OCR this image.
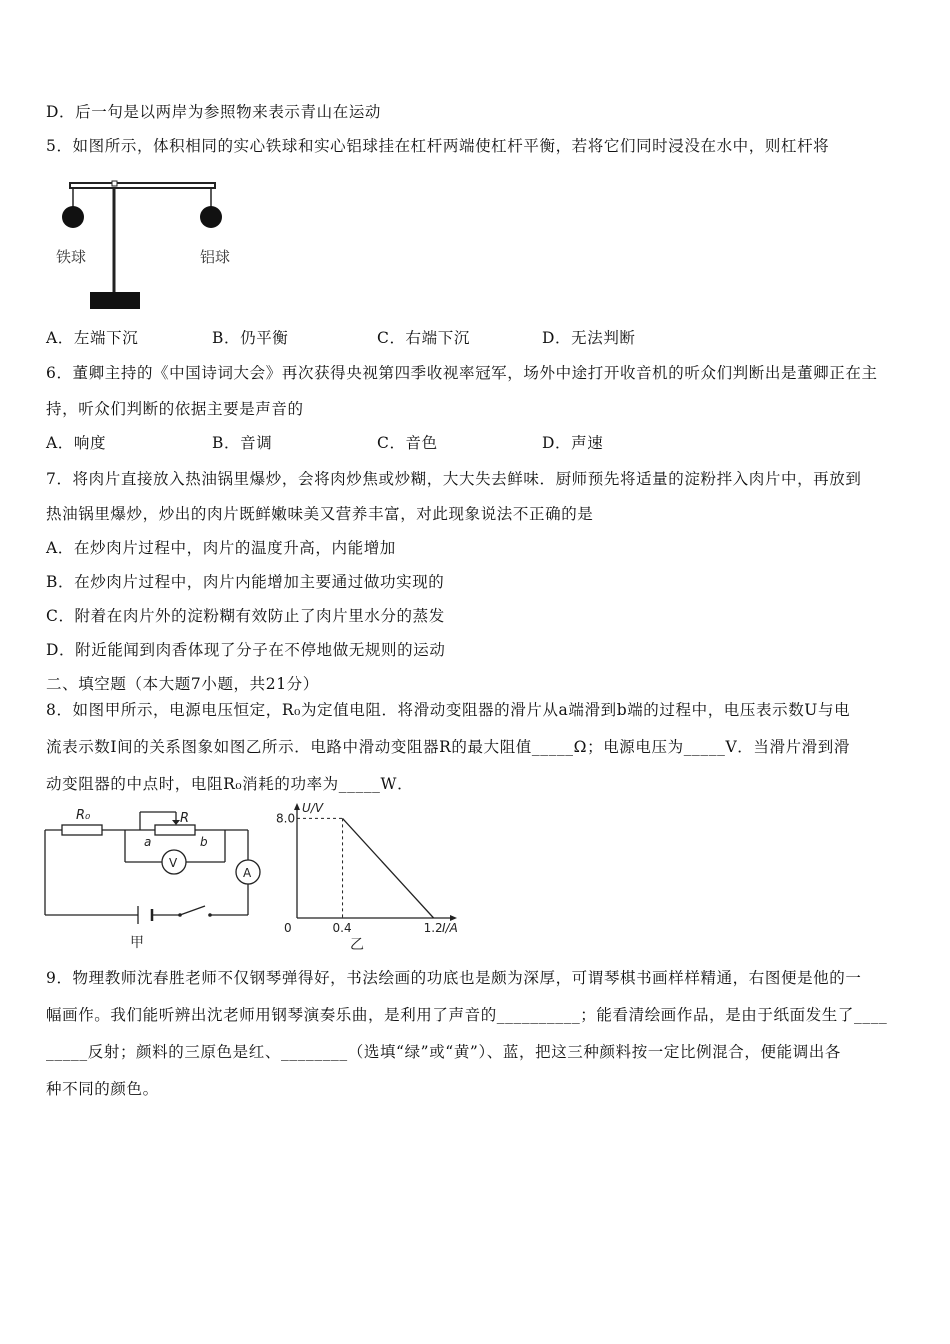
D．后一句是以两岸为参照物来表示青山在运动
5．如图所示，体积相同的实心铁球和实心铝球挂在杠杆两端使杠杆平衡，若将它们同时浸没在水中，则杠杆将
铁球	铝球
A．左端下沉	B．仍平衡	C．右端下沉	D．无法判断
6．董卿主持的《中国诗词大会》再次获得央视第四季收视率冠军，场外中途打开收音机的听众们判断出是董卿正在主
持，听众们判断的依据主要是声音的
A．响度	B．音调	C．音色	D．声速
7．将肉片直接放入热油锅里爆炒，会将肉炒焦或炒糊，大大失去鲜味．厨师预先将适量的淀粉拌入肉片中，再放到
热油锅里爆炒，炒出的肉片既鲜嫩味美又营养丰富，对此现象说法不正确的是
A．在炒肉片过程中，肉片的温度升高，内能增加
B．在炒肉片过程中，肉片内能增加主要通过做功实现的
C．附着在肉片外的淀粉糊有效防止了肉片里水分的蒸发
D．附近能闻到肉香体现了分子在不停地做无规则的运动
二、填空题（本大题7小题，共21分）
8．如图甲所示，电源电压恒定，R₀为定值电阻．将滑动变阻器的滑片从a端滑到b端的过程中，电压表示数U与电
流表示数I间的关系图象如图乙所示．电路中滑动变阻器R的最大阻值_____Ω；电源电压为_____V．当滑片滑到滑
动变阻器的中点时，电阻R₀消耗的功率为_____W．
R₀	R
a	b
V
A
甲
U/V
I/A
0
乙
0.4	1.2
8.0
9．物理教师沈春胜老师不仅钢琴弹得好，书法绘画的功底也是颇为深厚，可谓琴棋书画样样精通，右图便是他的一
幅画作。我们能听辨出沈老师用钢琴演奏乐曲，是利用了声音的__________；能看清绘画作品，是由于纸面发生了____
_____反射；颜料的三原色是红、________（选填“绿”或“黄”）、蓝，把这三种颜料按一定比例混合，便能调出各
种不同的颜色。
